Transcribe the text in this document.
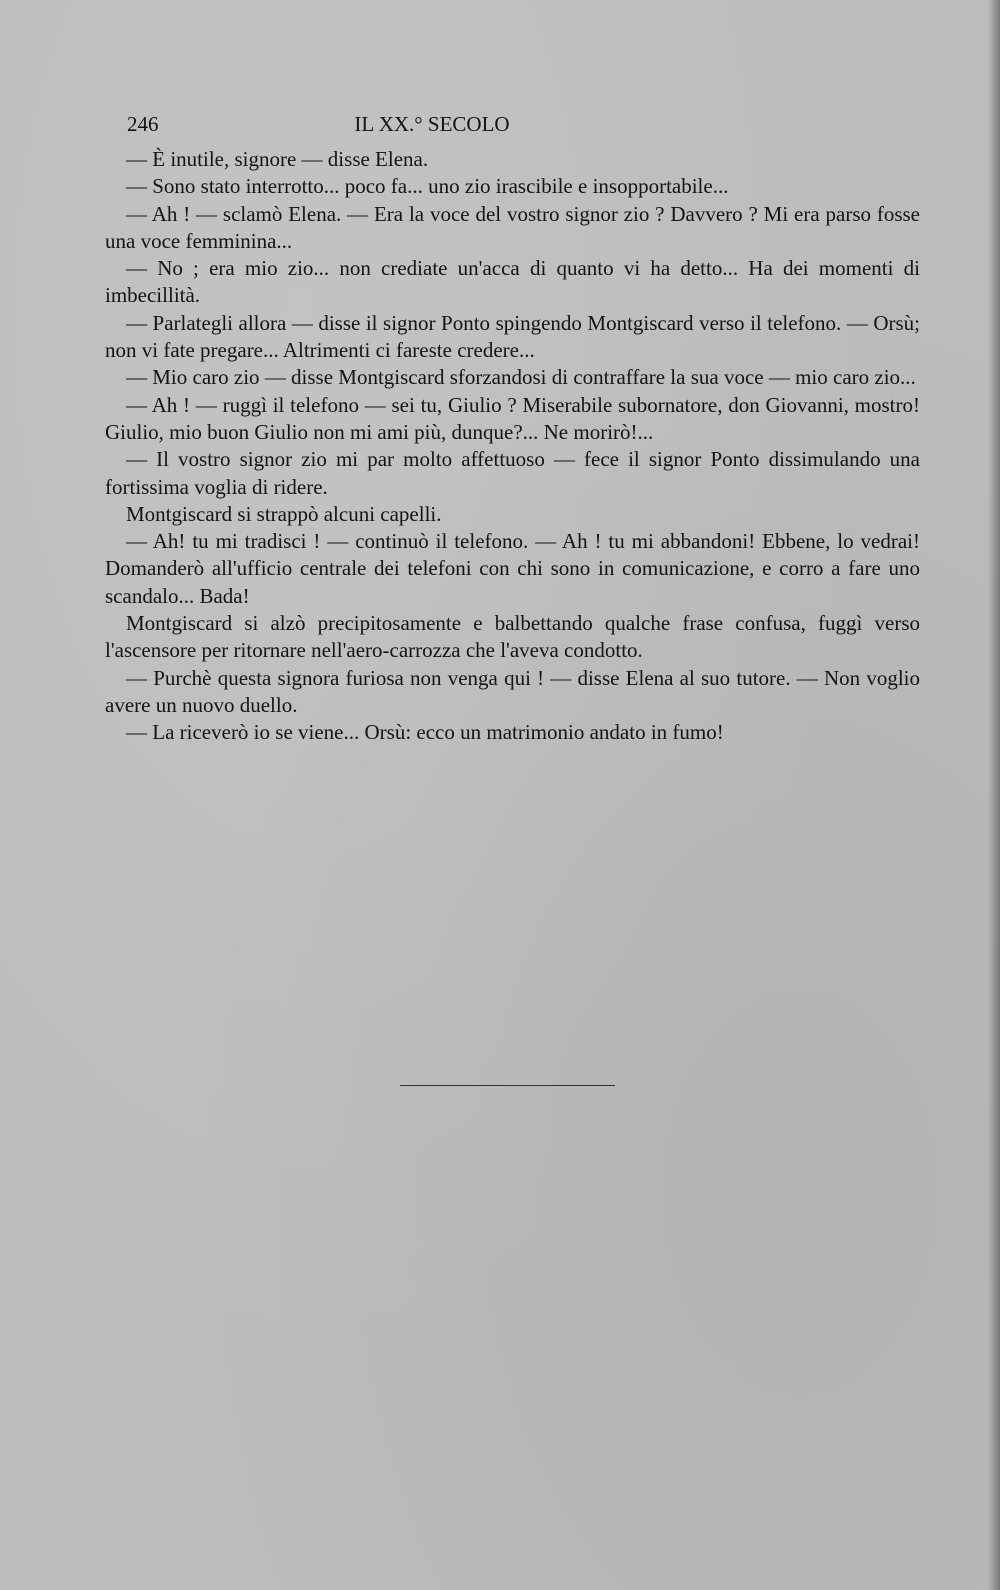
246	IL XX.° SECOLO

— È inutile, signore — disse Elena.

— Sono stato interrotto... poco fa... uno zio irascibile e insopportabile...

— Ah ! — sclamò Elena. — Era la voce del vostro signor zio ? Davvero ? Mi era parso fosse una voce femminina...

— No ; era mio zio... non crediate un'acca di quanto vi ha detto... Ha dei momenti di imbecillità.

— Parlategli allora — disse il signor Ponto spingendo Montgiscard verso il telefono. — Orsù; non vi fate pregare... Altrimenti ci fareste credere...

— Mio caro zio — disse Montgiscard sforzandosi di contraffare la sua voce — mio caro zio...

— Ah ! — ruggì il telefono — sei tu, Giulio ? Miserabile subornatore, don Giovanni, mostro! Giulio, mio buon Giulio non mi ami più, dunque?... Ne morirò!...

— Il vostro signor zio mi par molto affettuoso — fece il signor Ponto dissimulando una fortissima voglia di ridere.

Montgiscard si strappò alcuni capelli.

— Ah! tu mi tradisci ! — continuò il telefono. — Ah ! tu mi abbandoni! Ebbene, lo vedrai! Domanderò all'ufficio centrale dei telefoni con chi sono in comunicazione, e corro a fare uno scandalo... Bada!

Montgiscard si alzò precipitosamente e balbettando qualche frase confusa, fuggì verso l'ascensore per ritornare nell'aero-carrozza che l'aveva condotto.

— Purchè questa signora furiosa non venga qui ! — disse Elena al suo tutore. — Non voglio avere un nuovo duello.

— La riceverò io se viene... Orsù: ecco un matrimonio andato in fumo!
